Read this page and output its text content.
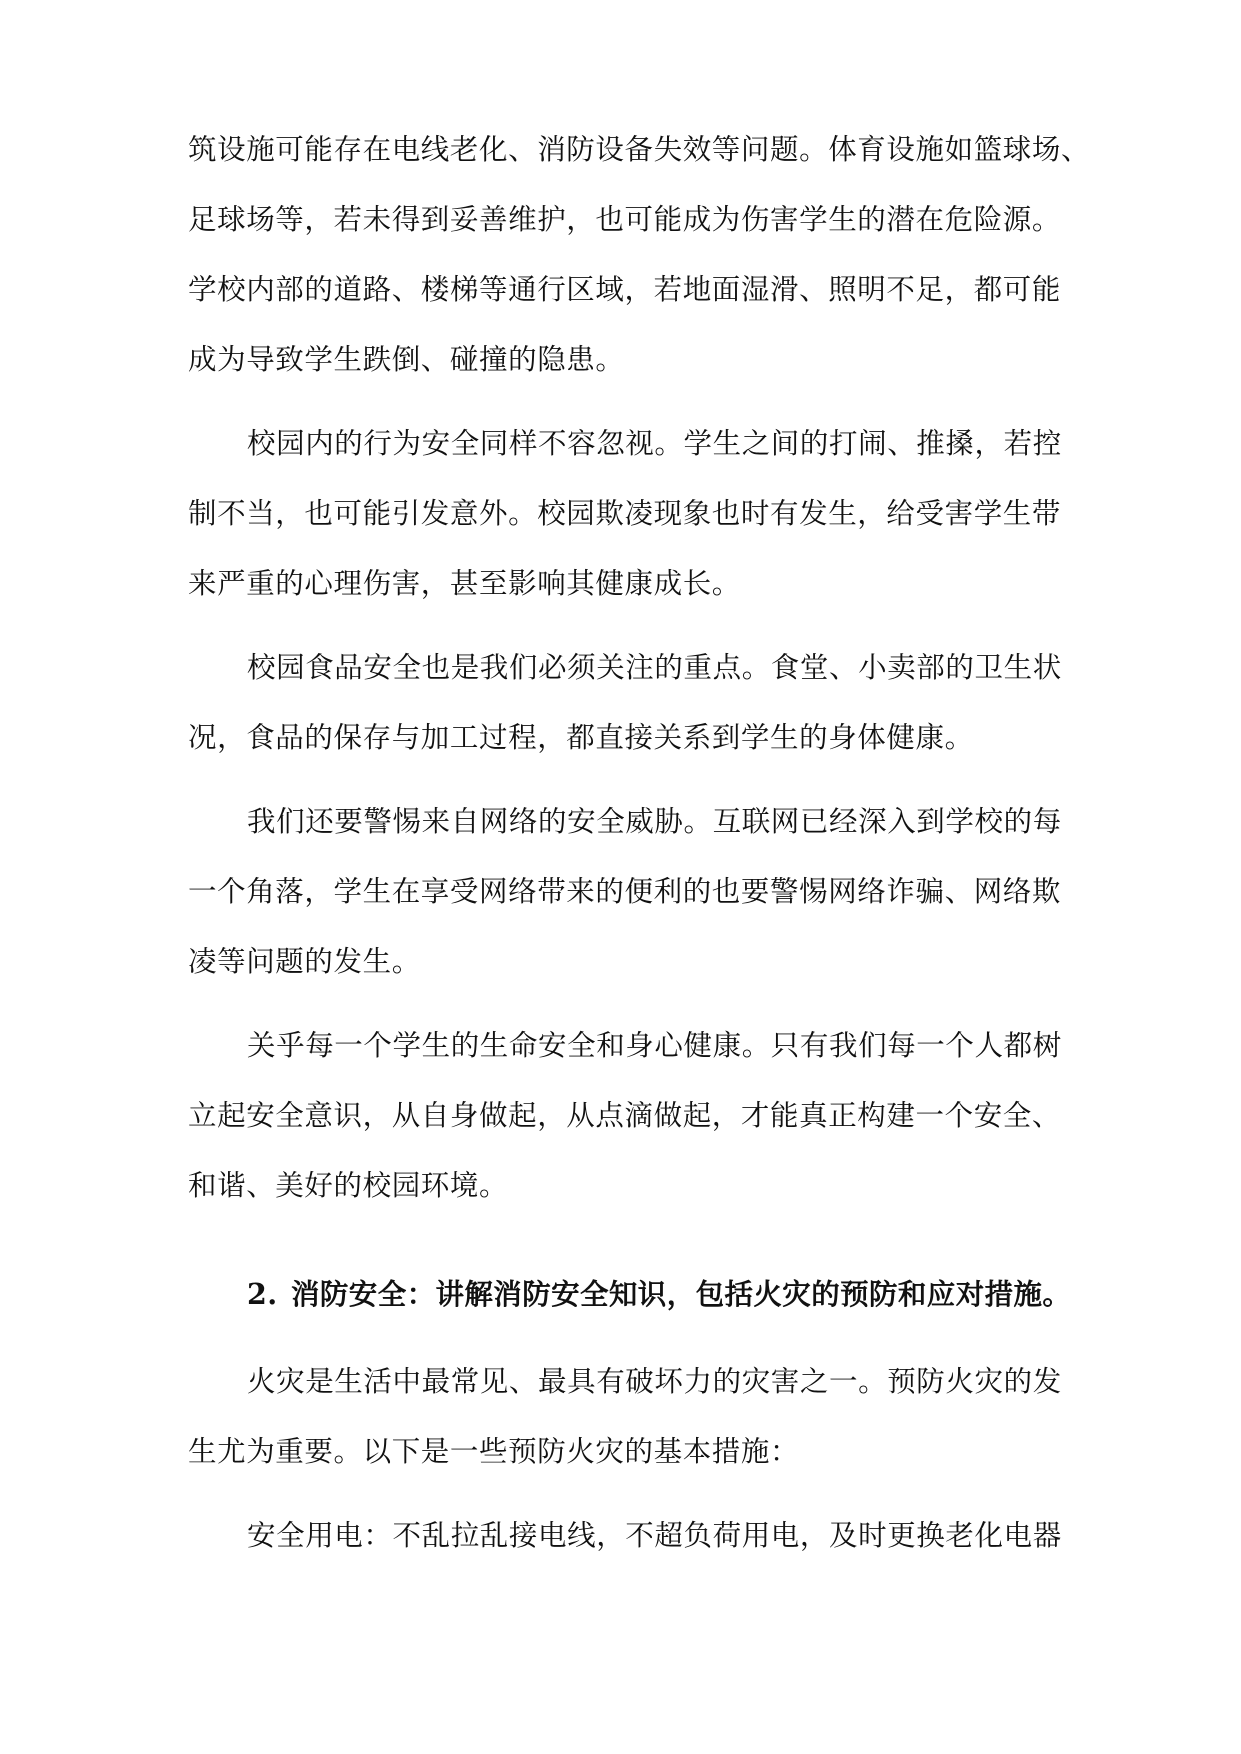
筑设施可能存在电线老化、消防设备失效等问题。体育设施如篮球场、
足球场等，若未得到妥善维护，也可能成为伤害学生的潜在危险源。
学校内部的道路、楼梯等通行区域，若地面湿滑、照明不足，都可能
成为导致学生跌倒、碰撞的隐患。
校园内的行为安全同样不容忽视。学生之间的打闹、推搡，若控
制不当，也可能引发意外。校园欺凌现象也时有发生，给受害学生带
来严重的心理伤害，甚至影响其健康成长。
校园食品安全也是我们必须关注的重点。食堂、小卖部的卫生状
况，食品的保存与加工过程，都直接关系到学生的身体健康。
我们还要警惕来自网络的安全威胁。互联网已经深入到学校的每
一个角落，学生在享受网络带来的便利的也要警惕网络诈骗、网络欺
凌等问题的发生。
关乎每一个学生的生命安全和身心健康。只有我们每一个人都树
立起安全意识，从自身做起，从点滴做起，才能真正构建一个安全、
和谐、美好的校园环境。
2. 消防安全：讲解消防安全知识，包括火灾的预防和应对措施。
火灾是生活中最常见、最具有破坏力的灾害之一。预防火灾的发
生尤为重要。以下是一些预防火灾的基本措施：
安全用电：不乱拉乱接电线，不超负荷用电，及时更换老化电器
